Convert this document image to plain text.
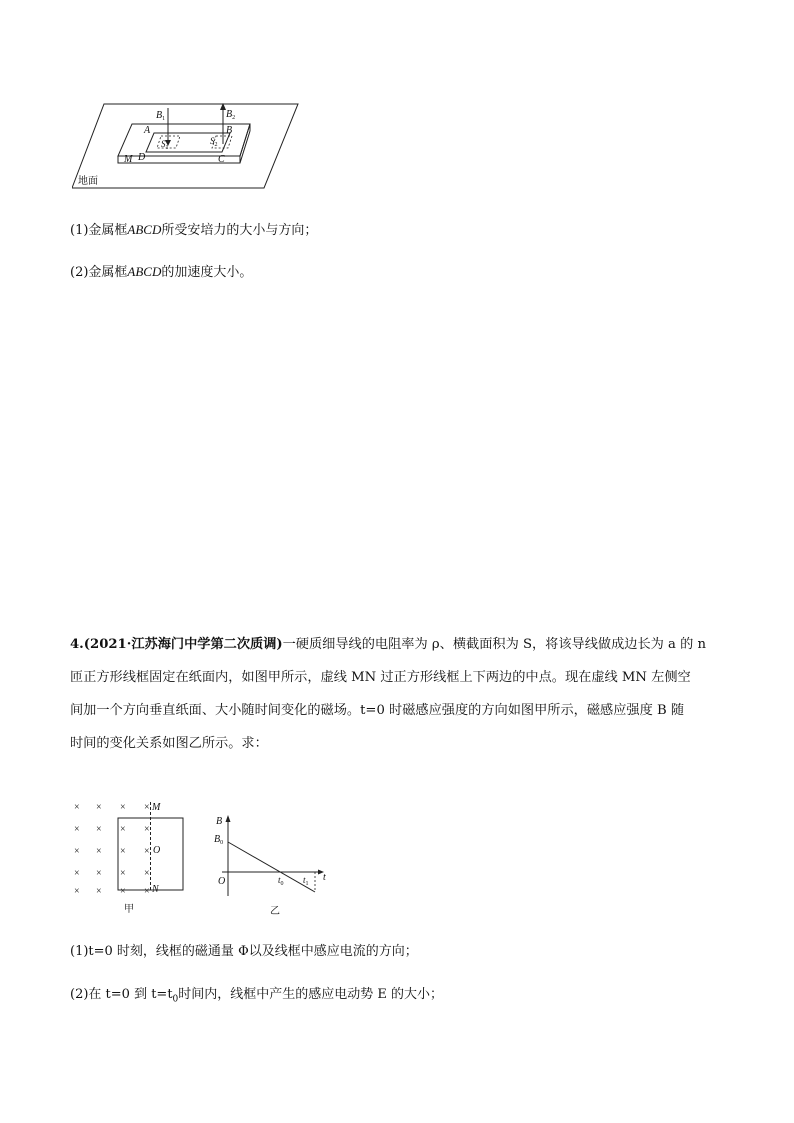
$B_1$	$B_2$
A	B
M D	C
$S_1$
$S_2$
地面
(1)金属框ABCD所受安培力的大小与方向；
(2)金属框ABCD的加速度大小。
4.(2021·江苏海门中学第二次质调)一硬质细导线的电阻率为 ρ、横截面积为 S，将该导线做成边长为 a 的 n
匝正方形线框固定在纸面内，如图甲所示，虚线 MN 过正方形线框上下两边的中点。现在虚线 MN 左侧空
间加一个方向垂直纸面、大小随时间变化的磁场。t=0 时磁感应强度的方向如图甲所示，磁感应强度 B 随
时间的变化关系如图乙所示。求：
× × × ×
× × × ×
× × × ×
× × × ×
× × × ×
M
O
N
甲
B
$B_0$
O	$t_0$ $t_1$
t
乙
(1)t=0 时刻，线框的磁通量 Φ以及线框中感应电流的方向；
(2)在 t=0 到 $t=t_0$时间内，线框中产生的感应电动势 E 的大小；
